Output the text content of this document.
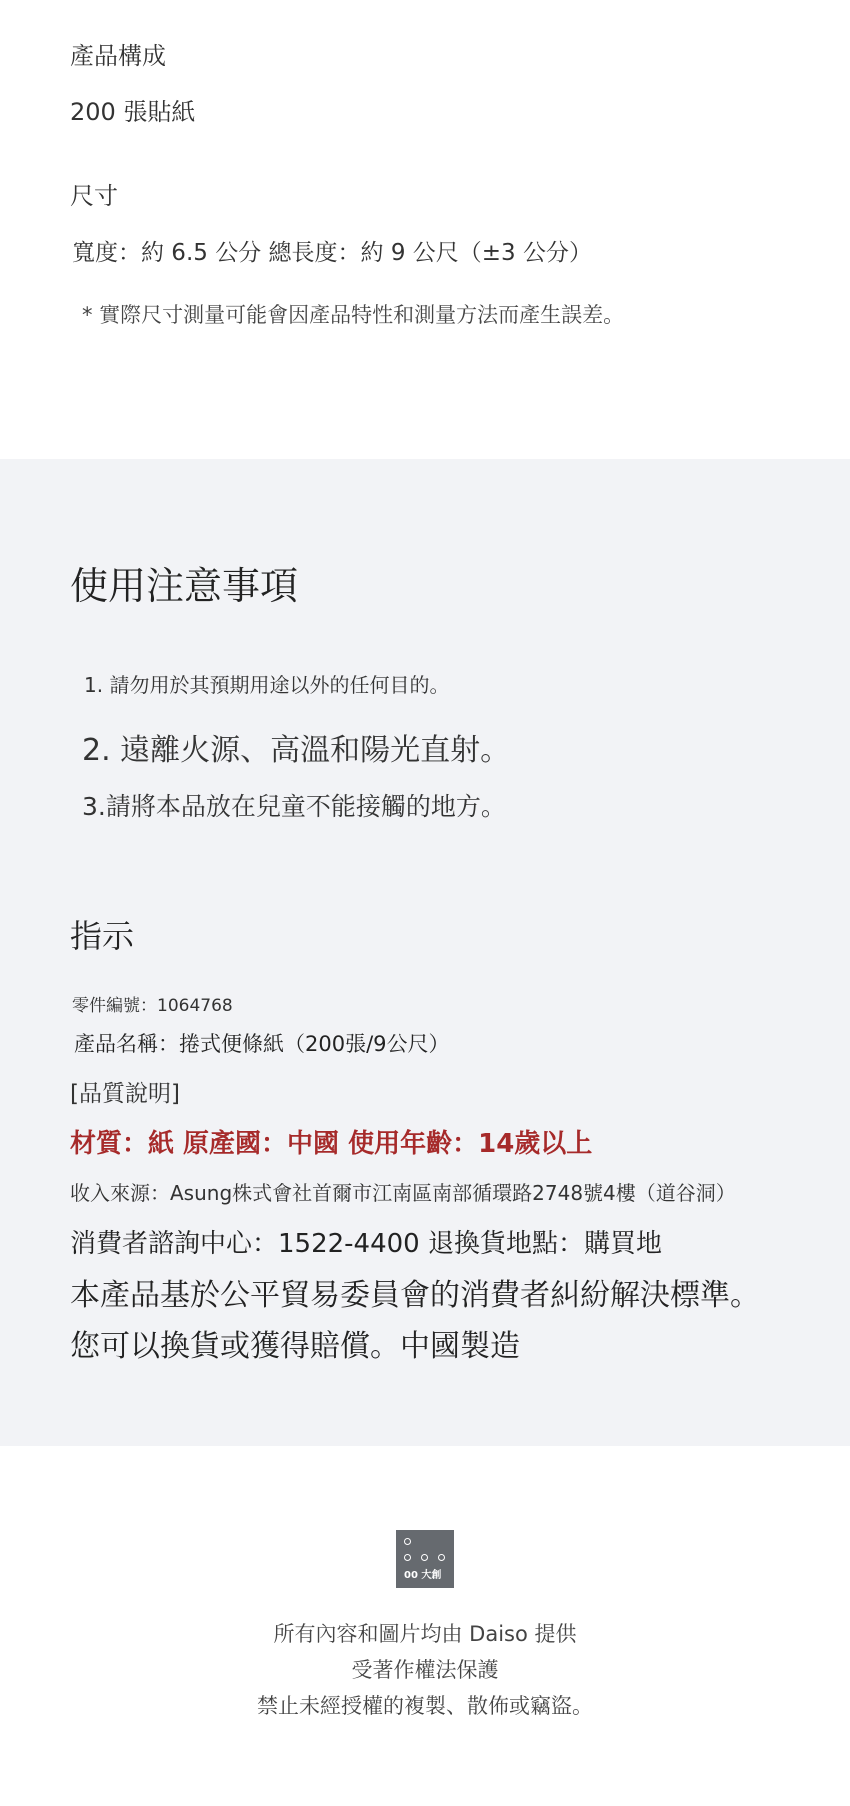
產品構成
200 張貼紙
尺寸
寬度：約 6.5 公分 總長度：約 9 公尺（±3 公分）
* 實際尺寸測量可能會因產品特性和測量方法而產生誤差。
使用注意事項
1. 請勿用於其預期用途以外的任何目的。
2. 遠離火源、高溫和陽光直射。
3.請將本品放在兒童不能接觸的地方。
指示
零件編號：1064768
產品名稱：捲式便條紙（200張/9公尺）
[品質說明]
材質：紙 原產國：中國 使用年齡：14歲以上
收入來源：Asung株式會社首爾市江南區南部循環路2748號4樓（道谷洞）
消費者諮詢中心：1522-4400 退換貨地點：購買地
本產品基於公平貿易委員會的消費者糾紛解決標準。
您可以換貨或獲得賠償。中國製造
00 大創
所有內容和圖片均由 Daiso 提供
受著作權法保護
禁止未經授權的複製、散佈或竊盜。
